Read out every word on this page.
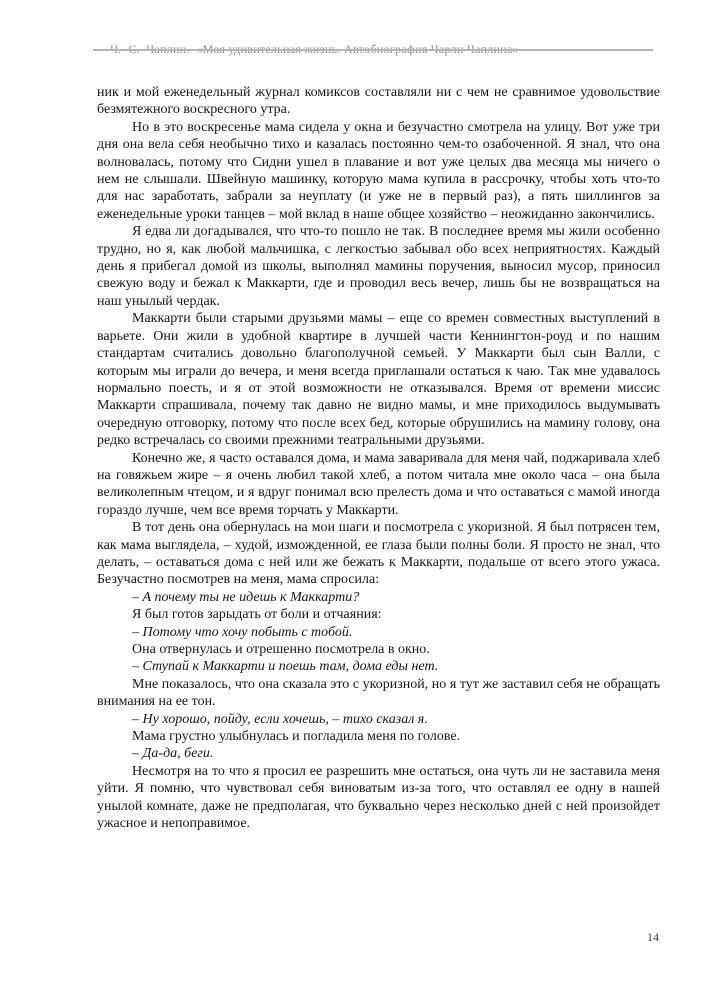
ник и мой еженедельный журнал комиксов составляли ни с чем не сравнимое удовольствие безмятежного воскресного утра.

Но в это воскресенье мама сидела у окна и безучастно смотрела на улицу. Вот уже три дня она вела себя необычно тихо и казалась постоянно чем-то озабоченной. Я знал, что она волновалась, потому что Сидни ушел в плавание и вот уже целых два месяца мы ничего о нем не слышали. Швейную машинку, которую мама купила в рассрочку, чтобы хоть что-то для нас заработать, забрали за неуплату (и уже не в первый раз), а пять шиллингов за еженедельные уроки танцев – мой вклад в наше общее хозяйство – неожиданно закончились.

Я едва ли догадывался, что что-то пошло не так. В последнее время мы жили особенно трудно, но я, как любой мальчишка, с легкостью забывал обо всех неприятностях. Каждый день я прибегал домой из школы, выполнял мамины поручения, выносил мусор, приносил свежую воду и бежал к Маккарти, где и проводил весь вечер, лишь бы не возвращаться на наш унылый чердак.

Маккарти были старыми друзьями мамы – еще со времен совместных выступлений в варьете. Они жили в удобной квартире в лучшей части Кеннингтон-роуд и по нашим стандартам считались довольно благополучной семьей. У Маккарти был сын Валли, с которым мы играли до вечера, и меня всегда приглашали остаться к чаю. Так мне удавалось нормально поесть, и я от этой возможности не отказывался. Время от времени миссис Маккарти спрашивала, почему так давно не видно мамы, и мне приходилось выдумывать очередную отговорку, потому что после всех бед, которые обрушились на мамину голову, она редко встречалась со своими прежними театральными друзьями.

Конечно же, я часто оставался дома, и мама заваривала для меня чай, поджаривала хлеб на говяжьем жире – я очень любил такой хлеб, а потом читала мне около часа – она была великолепным чтецом, и я вдруг понимал всю прелесть дома и что оставаться с мамой иногда гораздо лучше, чем все время торчать у Маккарти.

В тот день она обернулась на мои шаги и посмотрела с укоризной. Я был потрясен тем, как мама выглядела, – худой, изможденной, ее глаза были полны боли. Я просто не знал, что делать, – оставаться дома с ней или же бежать к Маккарти, подальше от всего этого ужаса. Безучастно посмотрев на меня, мама спросила:

– А почему ты не идешь к Маккарти?

Я был готов зарыдать от боли и отчаяния:

– Потому что хочу побыть с тобой.

Она отвернулась и отрешенно посмотрела в окно.

– Ступай к Маккарти и поешь там, дома еды нет.

Мне показалось, что она сказала это с укоризной, но я тут же заставил себя не обращать внимания на ее тон.

– Ну хорошо, пойду, если хочешь, – тихо сказал я.

Мама грустно улыбнулась и погладила меня по голове.

– Да-да, беги.

Несмотря на то что я просил ее разрешить мне остаться, она чуть ли не заставила меня уйти. Я помню, что чувствовал себя виноватым из-за того, что оставлял ее одну в нашей унылой комнате, даже не предполагая, что буквально через несколько дней с ней произойдет ужасное и непоправимое.

14
